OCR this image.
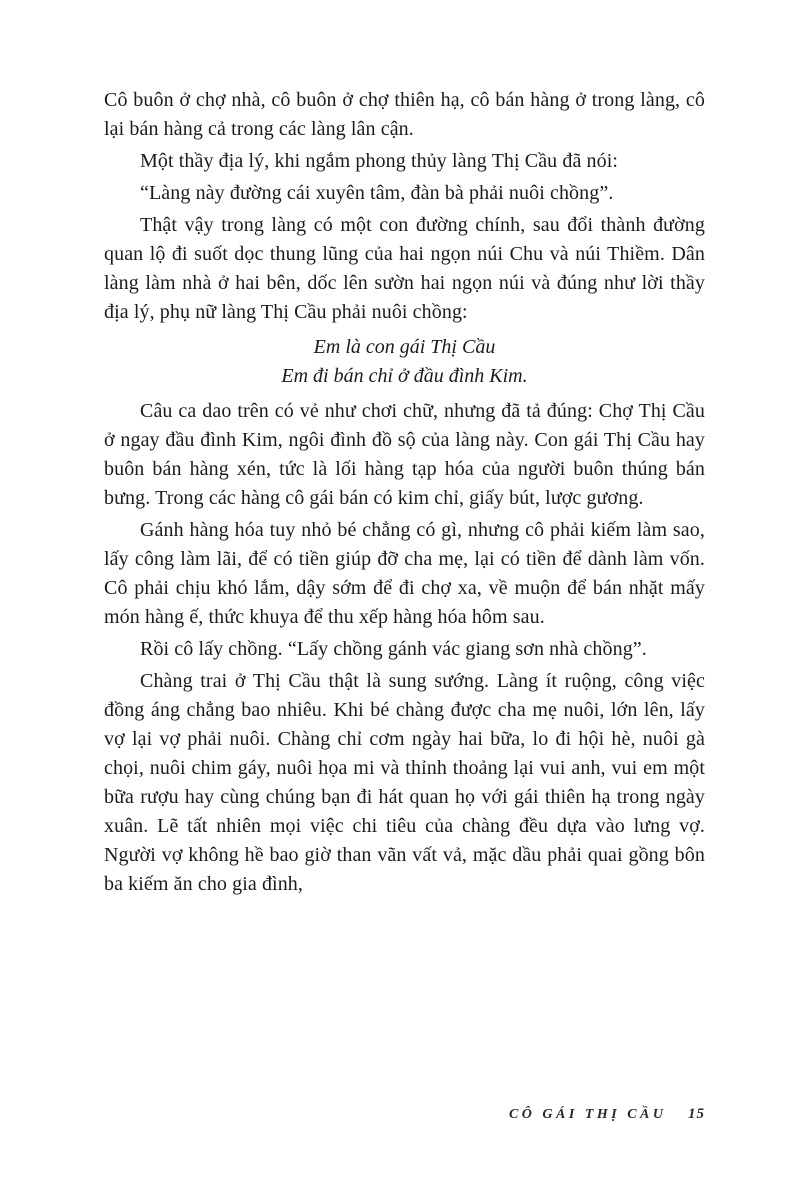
Cô buôn ở chợ nhà, cô buôn ở chợ thiên hạ, cô bán hàng ở trong làng, cô lại bán hàng cả trong các làng lân cận.

Một thầy địa lý, khi ngắm phong thủy làng Thị Cầu đã nói:

“Làng này đường cái xuyên tâm, đàn bà phải nuôi chồng”.

Thật vậy trong làng có một con đường chính, sau đổi thành đường quan lộ đi suốt dọc thung lũng của hai ngọn núi Chu và núi Thiềm. Dân làng làm nhà ở hai bên, dốc lên sườn hai ngọn núi và đúng như lời thầy địa lý, phụ nữ làng Thị Cầu phải nuôi chồng:

Em là con gái Thị Cầu

Em đi bán chỉ ở đầu đình Kim.

Câu ca dao trên có vẻ như chơi chữ, nhưng đã tả đúng: Chợ Thị Cầu ở ngay đầu đình Kim, ngôi đình đồ sộ của làng này. Con gái Thị Cầu hay buôn bán hàng xén, tức là lối hàng tạp hóa của người buôn thúng bán bưng. Trong các hàng cô gái bán có kim chỉ, giấy bút, lược gương.

Gánh hàng hóa tuy nhỏ bé chẳng có gì, nhưng cô phải kiếm làm sao, lấy công làm lãi, để có tiền giúp đỡ cha mẹ, lại có tiền để dành làm vốn. Cô phải chịu khó lắm, dậy sớm để đi chợ xa, về muộn để bán nhặt mấy món hàng ế, thức khuya để thu xếp hàng hóa hôm sau.

Rồi cô lấy chồng. “Lấy chồng gánh vác giang sơn nhà chồng”.

Chàng trai ở Thị Cầu thật là sung sướng. Làng ít ruộng, công việc đồng áng chẳng bao nhiêu. Khi bé chàng được cha mẹ nuôi, lớn lên, lấy vợ lại vợ phải nuôi. Chàng chỉ cơm ngày hai bữa, lo đi hội hè, nuôi gà chọi, nuôi chim gáy, nuôi họa mi và thỉnh thoảng lại vui anh, vui em một bữa rượu hay cùng chúng bạn đi hát quan họ với gái thiên hạ trong ngày xuân. Lẽ tất nhiên mọi việc chi tiêu của chàng đều dựa vào lưng vợ. Người vợ không hề bao giờ than vãn vất vả, mặc dầu phải quai gồng bôn ba kiếm ăn cho gia đình,

CÔ GÁI THỊ CẦU 15
